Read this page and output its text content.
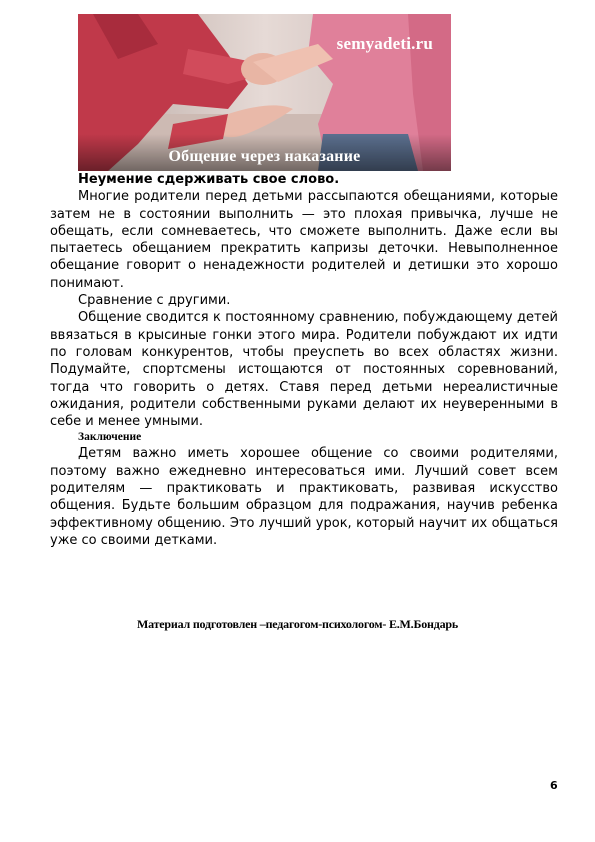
semyadeti.ru
Общение через наказание

Неумение сдерживать свое слово.

Многие родители перед детьми рассыпаются обещаниями, которые затем не в состоянии выполнить — это плохая привычка, лучше не обещать, если сомневаетесь, что сможете выполнить. Даже если вы пытаетесь обещанием прекратить капризы деточки. Невыполненное обещание говорит о ненадежности родителей и детишки это хорошо понимают.

Сравнение с другими.

Общение сводится к постоянному сравнению, побуждающему детей ввязаться в крысиные гонки этого мира. Родители побуждают их идти по головам конкурентов, чтобы преуспеть во всех областях жизни. Подумайте, спортсмены истощаются от постоянных соревнований, тогда что говорить о детях. Ставя перед детьми нереалистичные ожидания, родители собственными руками делают их неуверенными в себе и менее умными.

Заключение

Детям важно иметь хорошее общение со своими родителями, поэтому важно ежедневно интересоваться ими. Лучший совет всем родителям — практиковать и практиковать, развивая искусство общения. Будьте большим образцом для подражания, научив ребенка эффективному общению. Это лучший урок, который научит их общаться уже со своими детками.

Материал подготовлен –педагогом-психологом- Е.М.Бондарь
6
